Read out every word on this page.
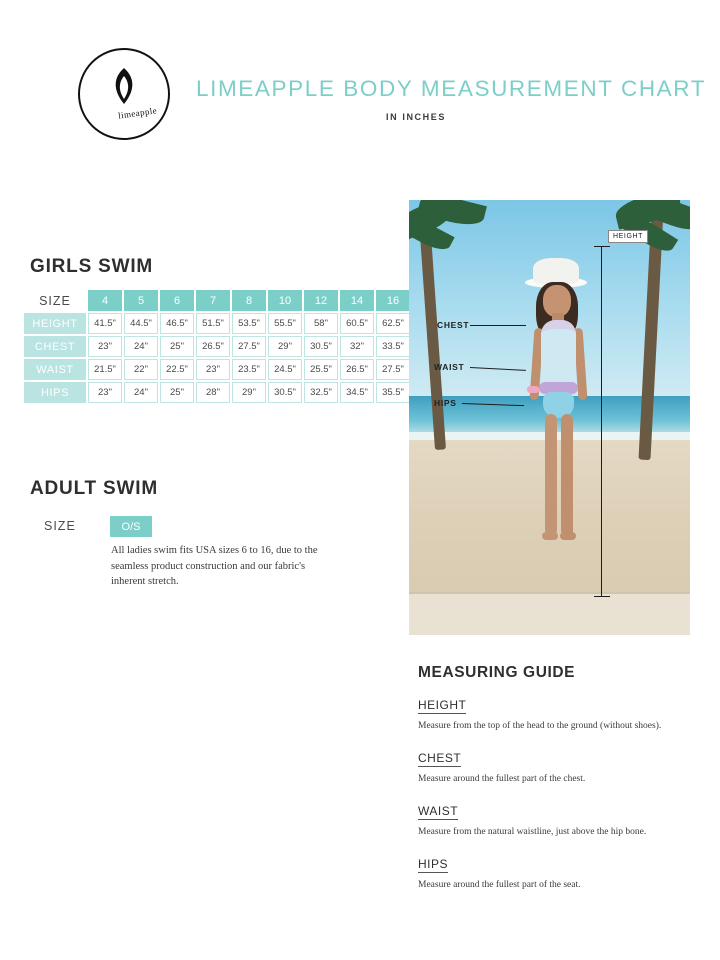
limeapple
LIMEAPPLE BODY MEASUREMENT CHART
IN INCHES
GIRLS SWIM
SIZE	4	5	6	7	8	10	12	14	16
HEIGHT	41.5"	44.5"	46.5"	51.5"	53.5"	55.5"	58"	60.5"	62.5"
CHEST	23"	24"	25"	26.5"	27.5"	29"	30.5"	32"	33.5"
WAIST	21.5"	22"	22.5"	23"	23.5"	24.5"	25.5"	26.5"	27.5"
HIPS	23"	24"	25"	28"	29"	30.5"	32.5"	34.5"	35.5"
ADULT SWIM
SIZE	O/S
All ladies swim fits USA sizes 6 to 16, due to the seamless product construction and our fabric's inherent stretch.
HEIGHT
CHEST
WAIST
HIPS
MEASURING GUIDE
HEIGHT
Measure from the top of the head to the ground (without shoes).
CHEST
Measure around the fullest part of the chest.
WAIST
Measure from the natural waistline, just above the hip bone.
HIPS
Measure around the fullest part of the seat.
